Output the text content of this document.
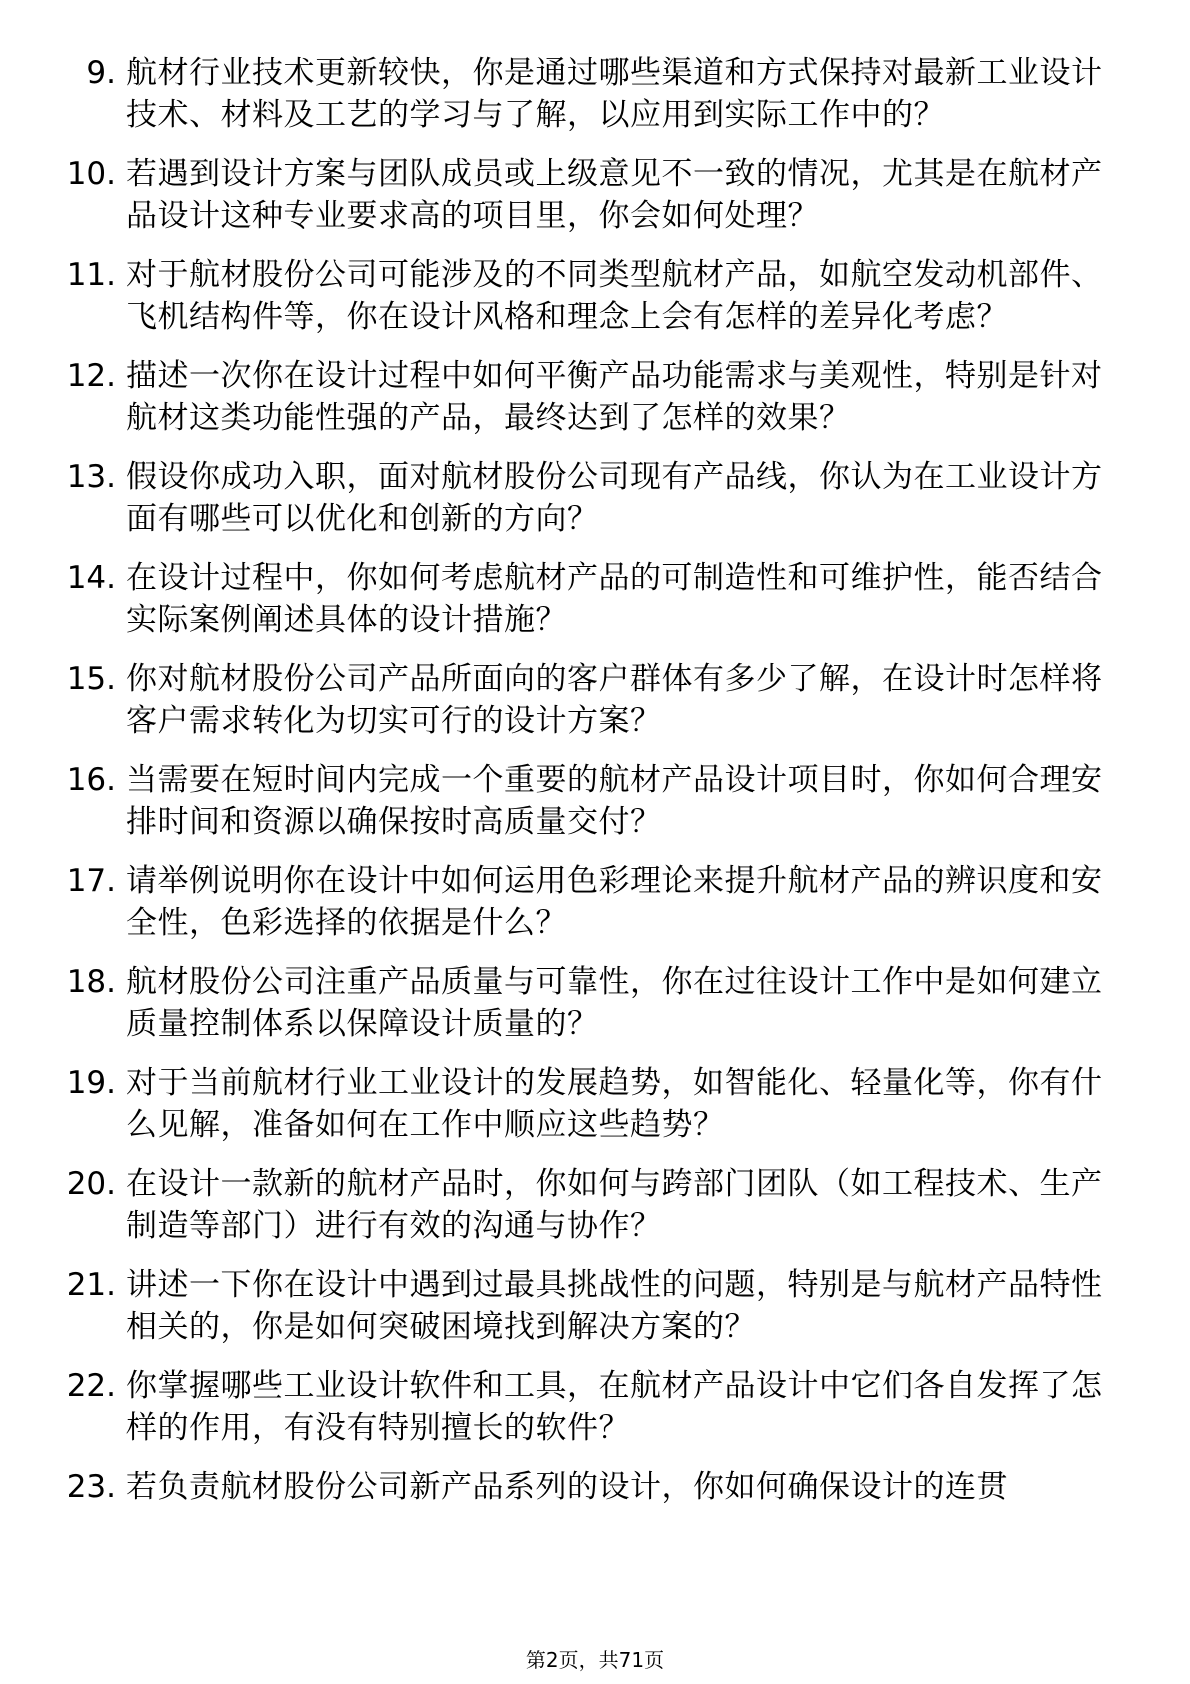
9. 航材行业技术更新较快，你是通过哪些渠道和方式保持对最新工业设计技术、材料及工艺的学习与了解，以应用到实际工作中的？
10. 若遇到设计方案与团队成员或上级意见不一致的情况，尤其是在航材产品设计这种专业要求高的项目里，你会如何处理？
11. 对于航材股份公司可能涉及的不同类型航材产品，如航空发动机部件、飞机结构件等，你在设计风格和理念上会有怎样的差异化考虑？
12. 描述一次你在设计过程中如何平衡产品功能需求与美观性，特别是针对航材这类功能性强的产品，最终达到了怎样的效果？
13. 假设你成功入职，面对航材股份公司现有产品线，你认为在工业设计方面有哪些可以优化和创新的方向？
14. 在设计过程中，你如何考虑航材产品的可制造性和可维护性，能否结合实际案例阐述具体的设计措施？
15. 你对航材股份公司产品所面向的客户群体有多少了解，在设计时怎样将客户需求转化为切实可行的设计方案？
16. 当需要在短时间内完成一个重要的航材产品设计项目时，你如何合理安排时间和资源以确保按时高质量交付？
17. 请举例说明你在设计中如何运用色彩理论来提升航材产品的辨识度和安全性，色彩选择的依据是什么？
18. 航材股份公司注重产品质量与可靠性，你在过往设计工作中是如何建立质量控制体系以保障设计质量的？
19. 对于当前航材行业工业设计的发展趋势，如智能化、轻量化等，你有什么见解，准备如何在工作中顺应这些趋势？
20. 在设计一款新的航材产品时，你如何与跨部门团队（如工程技术、生产制造等部门）进行有效的沟通与协作？
21. 讲述一下你在设计中遇到过最具挑战性的问题，特别是与航材产品特性相关的，你是如何突破困境找到解决方案的？
22. 你掌握哪些工业设计软件和工具，在航材产品设计中它们各自发挥了怎样的作用，有没有特别擅长的软件？
23. 若负责航材股份公司新产品系列的设计，你如何确保设计的连贯
第2页，共71页
